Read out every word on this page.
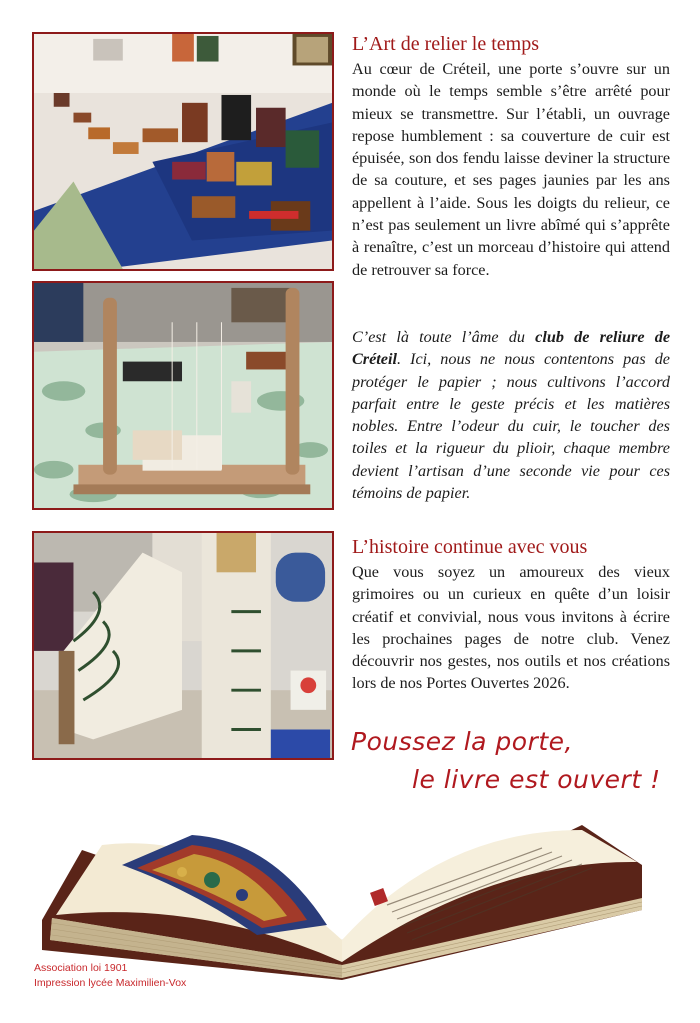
L’Art de relier le temps

Au cœur de Créteil, une porte s’ouvre sur un monde où le temps semble s’être arrêté pour mieux se transmettre. Sur l’établi, un ouvrage repose humblement : sa couverture de cuir est épuisée, son dos fendu laisse deviner la structure de sa couture, et ses pages jaunies par les ans appellent à l’aide. Sous les doigts du relieur, ce n’est pas seulement un livre abîmé qui s’apprête à renaître, c’est un morceau d’histoire qui attend de retrouver sa force.

C’est là toute l’âme du club de reliure de Créteil. Ici, nous ne nous contentons pas de protéger le papier ; nous cultivons l’accord parfait entre le geste précis et les matières nobles. Entre l’odeur du cuir, le toucher des toiles et la rigueur du plioir, chaque membre devient l’artisan d’une seconde vie pour ces témoins de papier.

L’histoire continue avec vous

Que vous soyez un amoureux des vieux grimoires ou un curieux en quête d’un loisir créatif et convivial, nous vous invitons à écrire les prochaines pages de notre club. Venez découvrir nos gestes, nos outils et nos créations lors de nos Portes Ouvertes 2026.

Poussez la porte,
le livre est ouvert !
Association loi 1901
Impression lycée Maximilien-Vox
